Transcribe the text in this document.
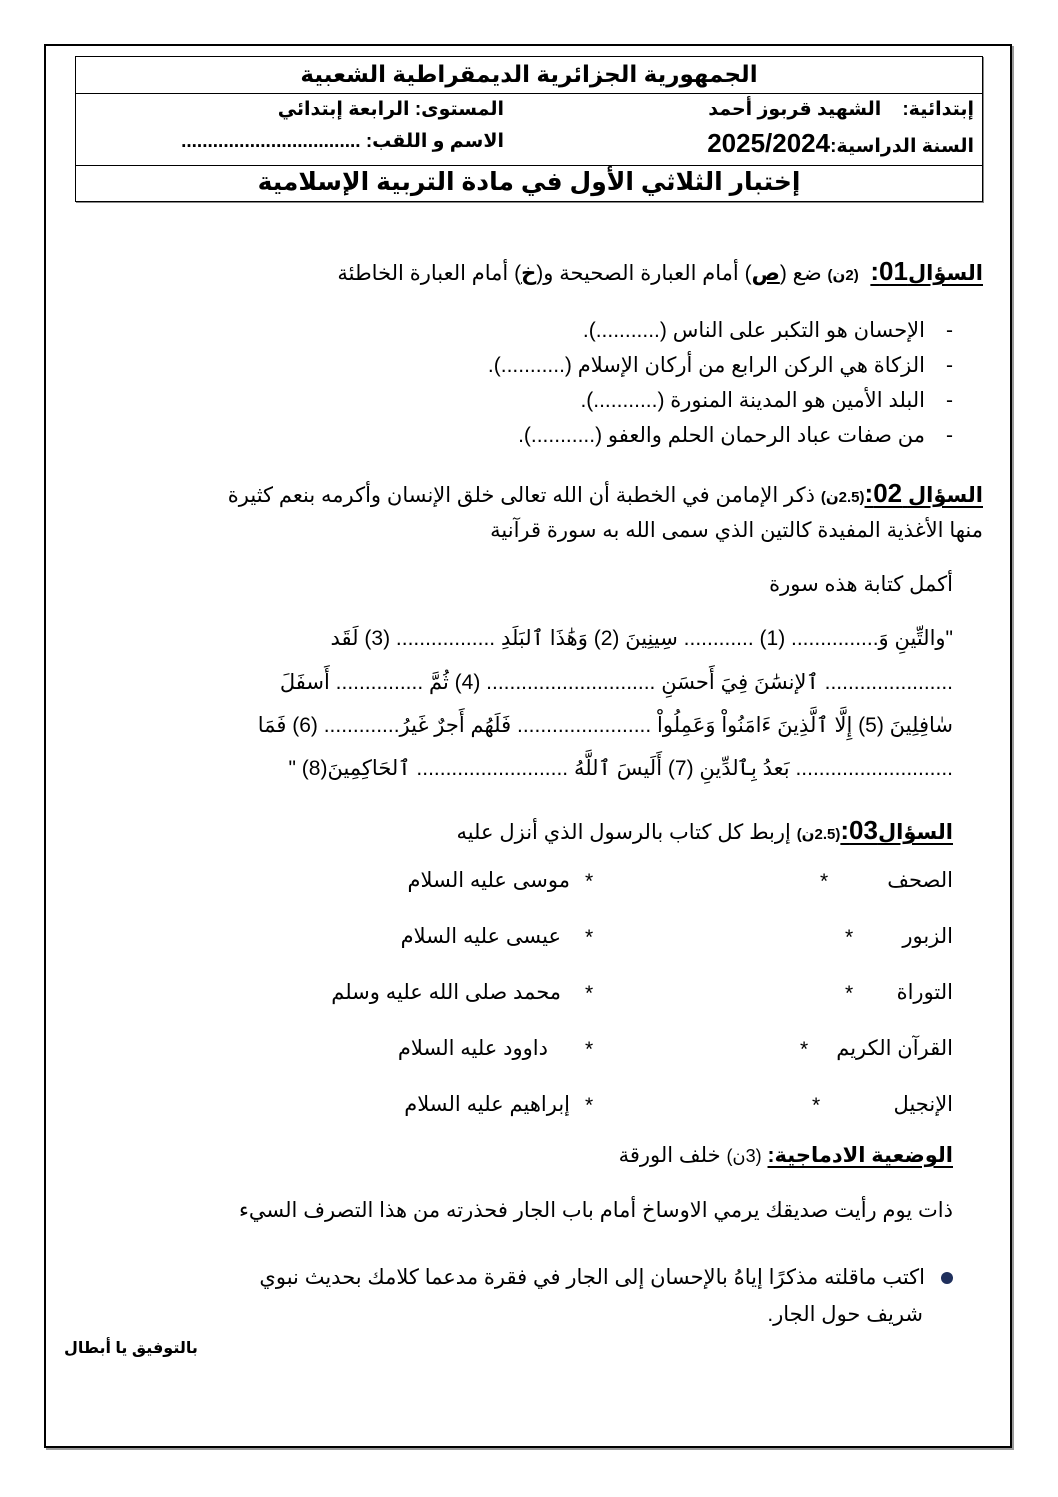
الجمهورية الجزائرية الديمقراطية الشعبية
إبتدائية:    الشهيد قربوز أحمد
المستوى: الرابعة إبتدائي
السنة الدراسية:2025/2024
الاسم و اللقب: ..................................
إختبار الثلاثي الأول في مادة التربية الإسلامية
السؤال01:  (2ن) ضع (ص) أمام العبارة الصحيحة و(خ) أمام العبارة الخاطئة
-الإحسان هو التكبر على الناس (...........).
-الزكاة هي الركن الرابع من أركان الإسلام (...........).
-البلد الأمين هو المدينة المنورة (...........).
-من صفات عباد الرحمان الحلم والعفو (...........).
السؤال 02:(2.5ن) ذكر الإمامن في الخطبة أن الله تعالى خلق الإنسان وأكرمه بنعم كثيرة
منها الأغذية المفيدة كالتين الذي سمى الله به سورة قرآنية
أكمل كتابة هذه سورة
"والتِّينِ وَ............... (1) ............ سِينِينَ (2) وَهَٰذَا ٱلبَلَدِ ................. (3) لَقَد
...................... ٱلإنسَٰنَ فِيَ أَحسَنِ ............................. (4) ثُمَّ ............... أَسفَلَ
سٰافِلِينَ (5) إِلَّا ٱلَّذِينَ ءَامَنُواْ وَعَمِلُواْ ....................... فَلَهُم أَجرٌ غَيرُ............. (6) فَمَا
........................... بَعدُ بِٱلدِّينِ (7) أَلَيسَ ٱللَّهُ .......................... ٱلحَاكِمِينَ(8) "
السؤال03:(2.5ن) إربط كل كتاب بالرسول الذي أنزل عليه
الصحف
*
*
موسى عليه السلام
الزبور
*
*
عيسى عليه السلام
التوراة
*
*
محمد صلى الله عليه وسلم
القرآن الكريم
*
*
داوود عليه السلام
الإنجيل
*
*
إبراهيم عليه السلام
الوضعية الادماجية: (3ن) خلف الورقة
ذات يوم رأيت صديقك يرمي الاوساخ أمام باب الجار فحذرته من هذا التصرف السيء
اكتب ماقلته مذكرًا إياهُ بالإحسان إلى الجار في فقرة مدعما كلامك بحديث نبوي
شريف حول الجار.
بالتوفيق يا أبطال
